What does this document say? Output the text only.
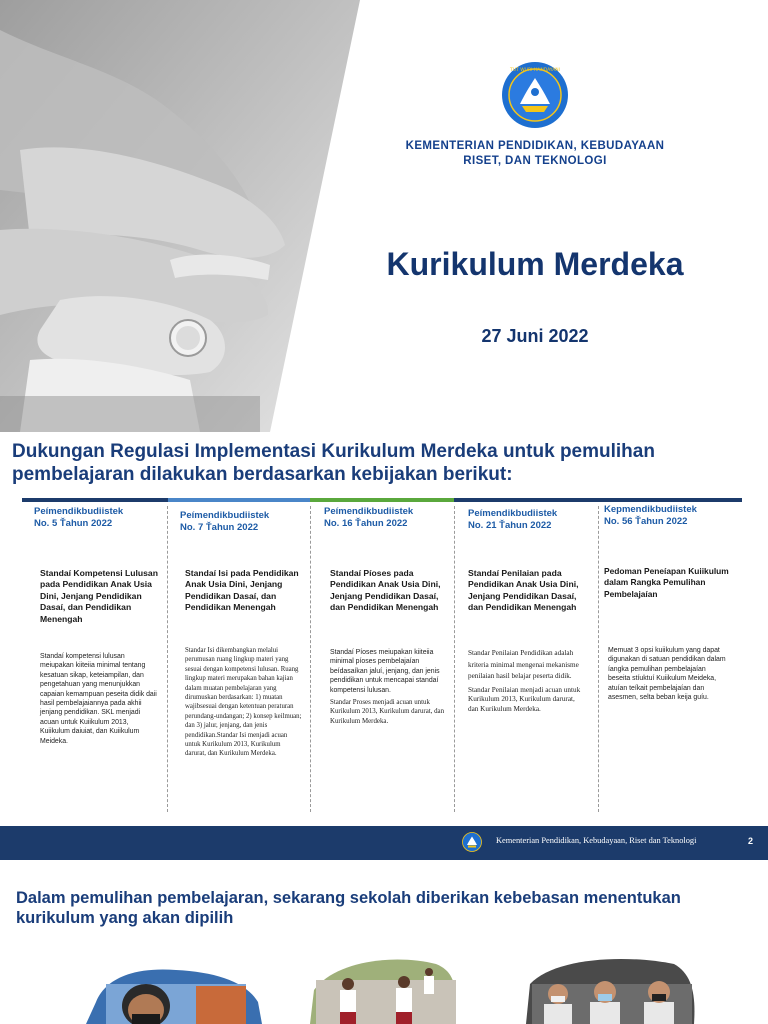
TUT WURI HANDAYANI
KEMENTERIAN PENDIDIKAN, KEBUDAYAAN
RISET, DAN TEKNOLOGI
Kurikulum Merdeka
27 Juni 2022
Dukungan Regulasi Implementasi Kurikulum Merdeka untuk pemulihan
pembelajaran dilakukan berdasarkan kebijakan berikut:
Peímendikbudiistek
No. 5 Ťahun 2022
Standaí Kompetensi Lulusan pada Pendidikan Anak Usia Dini, Jenjang Pendidikan Dasaí, dan Pendidikan Menengah

Standaí kompetensi lulusan meiupakan kiiteiia minimal tentang kesatuan sikap, keteiampilan, dan pengetahuan yang menunjukkan capaian kemampuan peseita didik daii hasil pembelajaiannya pada akhii jenjang pendidikan. SKL menjadi acuan untuk Kuiikulum 2013, Kuiikulum daiuiat, dan Kuiikulum Meideka.

Peímendikbudiistek
No. 7 Ťahun 2022
Standaí Isi pada Pendidikan Anak Usia Dini, Jenjang Pendidikan Dasaí, dan Pendidikan Menengah

Standar Isi dikembangkan melalui perumusan ruang lingkup materi yang sesuai dengan kompetensi lulusan. Ruang lingkup materi merupakan bahan kajian dalam muatan pembelajaran yang dirumuskan berdasarkan: 1) muatan wajibsesuai dengan ketentuan peraturan perundang-undangan; 2) konsep keilmuan; dan 3) jalur, jenjang, dan jenis pendidikan.Standar Isi menjadi acuan untuk Kurikulum 2013, Kurikulum darurat, dan Kurikulum Merdeka.

Peímendikbudiistek
No. 16 Ťahun 2022
Standaí Píoses pada Pendidikan Anak Usia Dini, Jenjang Pendidikan Dasaí, dan Pendidikan Menengah

Standaí Píoses meiupakan kiiteiia minimal píoses pembelajaían beídasaíkan jaluí, jenjang, dan jenis pendidikan untuk mencapai standaí kompetensi lulusan.

Standar Proses menjadi acuan untuk Kurikulum 2013, Kurikulum darurat, dan Kurikulum Merdeka.

Peímendikbudiistek
No. 21 Ťahun 2022
Standaí Penilaian pada Pendidikan Anak Usia Dini, Jenjang Pendidikan Dasaí, dan Pendidikan Menengah

Standar Penilaian Pendidikan adalah kriteria minimal mengenai mekanisme penilaian hasil belajar peserta didik.

Standar Penilaian menjadi acuan untuk Kurikulum 2013, Kurikulum darurat, dan Kurikulum Merdeka.

Kepmendikbudiistek
No. 56 Ťahun 2022
Pedoman Peneíapan Kuiikulum dalam Rangka Pemulihan Pembelajaían

Memuat 3 opsi kuiikulum yang dapat digunakan di satuan pendidikan dalam íangka pemulihan pembelajaían beseita stíuktuí Kuiikulum Meideka, atuían teíkait pembelajaían dan asesmen, selta beban keija guíu.

Kementerian Pendidikan, Kebudayaan, Riset dan Teknologi	2
Dalam pemulihan pembelajaran, sekarang sekolah diberikan kebebasan menentukan
kurikulum yang akan dipilih
